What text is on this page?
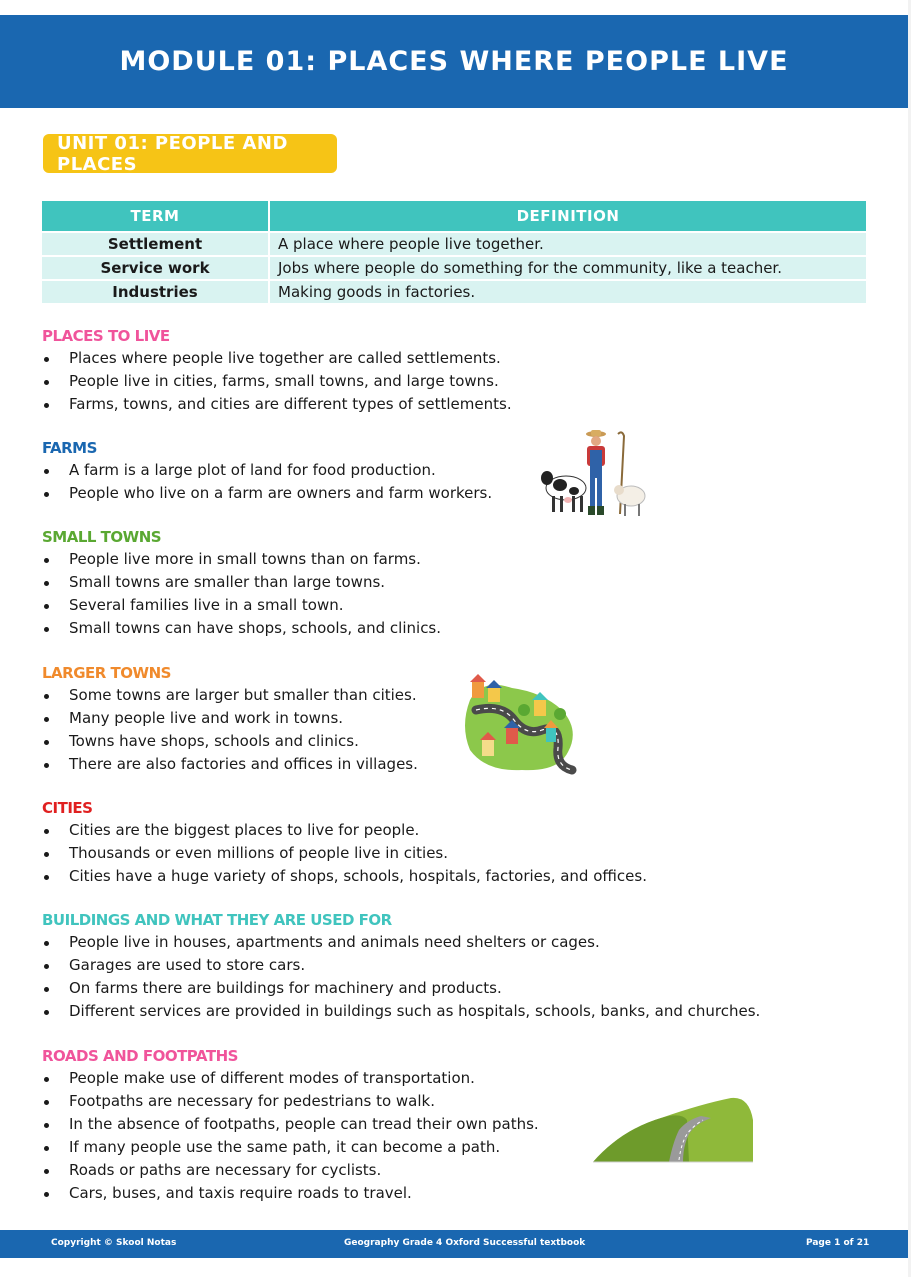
MODULE 01: PLACES WHERE PEOPLE LIVE
UNIT 01: PEOPLE AND PLACES
TERM	DEFINITION
Settlement	A place where people live together.
Service work	Jobs where people do something for the community, like a teacher.
Industries	Making goods in factories.
PLACES TO LIVE
Places where people live together are called settlements.
People live in cities, farms, small towns, and large towns.
Farms, towns, and cities are different types of settlements.
FARMS
A farm is a large plot of land for food production.
People who live on a farm are owners and farm workers.
SMALL TOWNS
People live more in small towns than on farms.
Small towns are smaller than large towns.
Several families live in a small town.
Small towns can have shops, schools, and clinics.
LARGER TOWNS
Some towns are larger but smaller than cities.
Many people live and work in towns.
Towns have shops, schools and clinics.
There are also factories and offices in villages.
CITIES
Cities are the biggest places to live for people.
Thousands or even millions of people live in cities.
Cities have a huge variety of shops, schools, hospitals, factories, and offices.
BUILDINGS AND WHAT THEY ARE USED FOR
People live in houses, apartments and animals need shelters or cages.
Garages are used to store cars.
On farms there are buildings for machinery and products.
Different services are provided in buildings such as hospitals, schools, banks, and churches.
ROADS AND FOOTPATHS
People make use of different modes of transportation.
Footpaths are necessary for pedestrians to walk.
In the absence of footpaths, people can tread their own paths.
If many people use the same path, it can become a path.
Roads or paths are necessary for cyclists.
Cars, buses, and taxis require roads to travel.
Copyright © Skool Notas	Geography Grade 4 Oxford Successful textbook	Page 1 of 21
